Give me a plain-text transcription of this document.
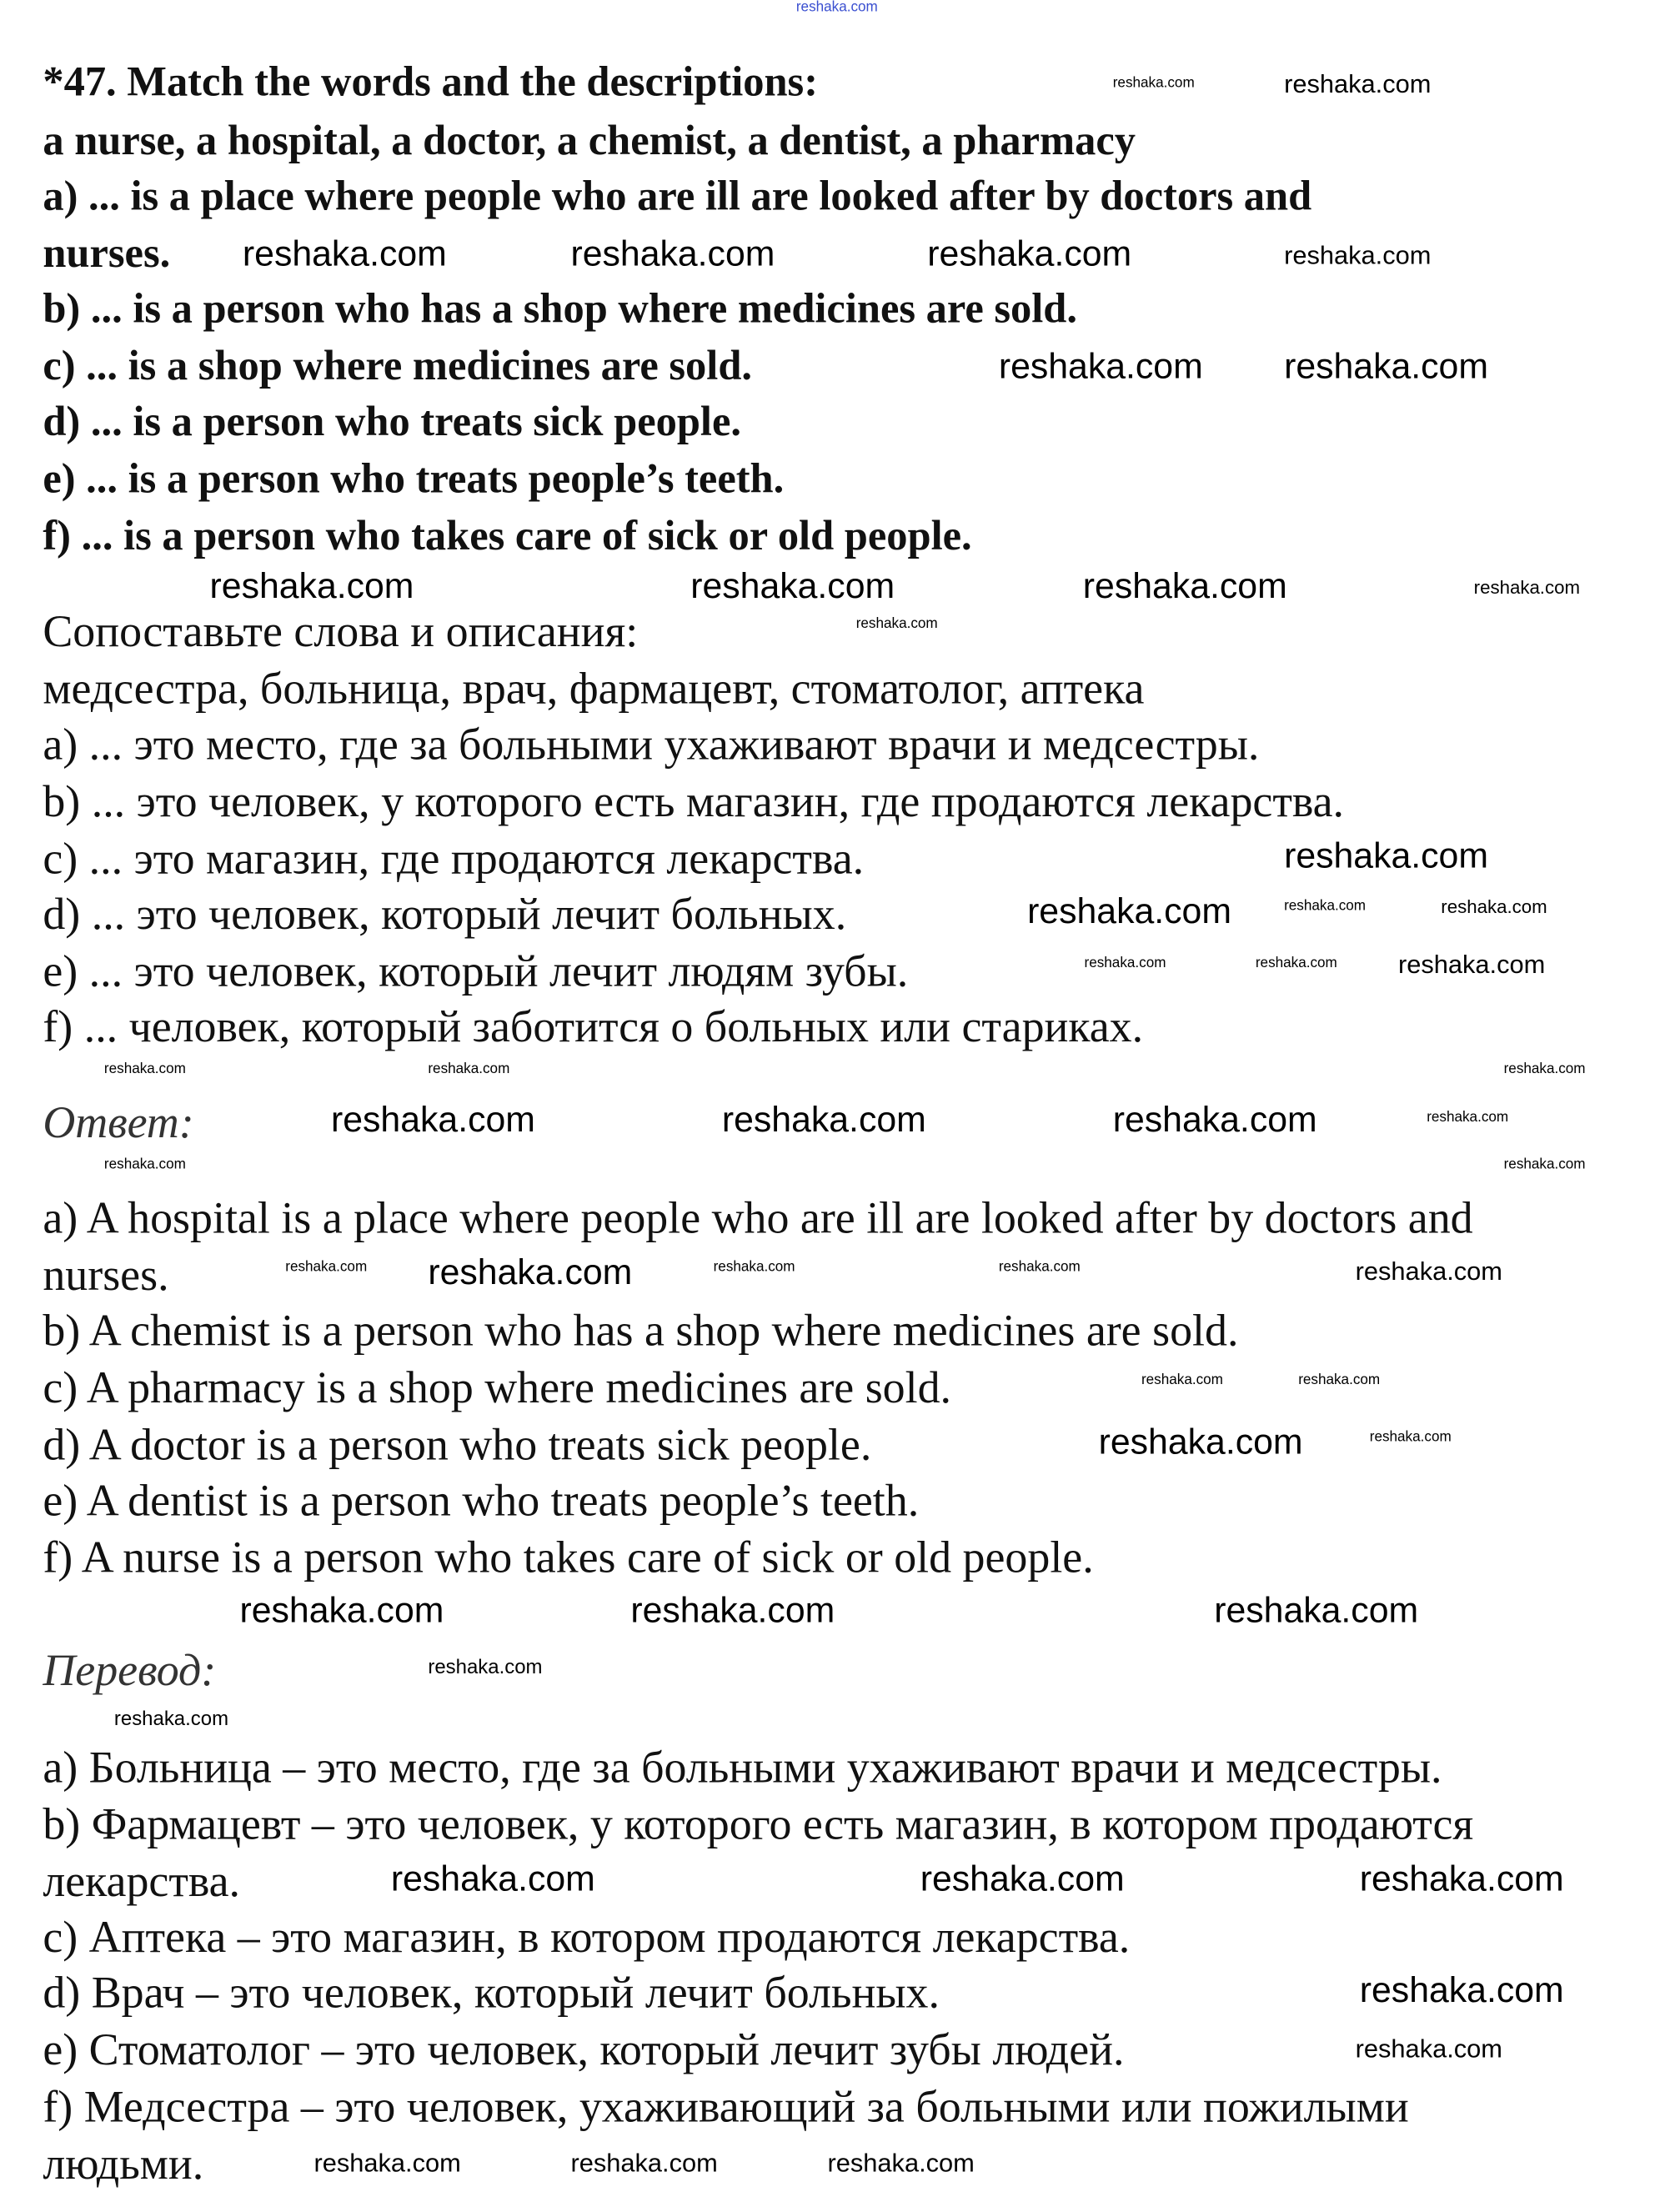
*47. Match the words and the descriptions:
a nurse, a hospital, a doctor, a chemist, a dentist, a pharmacy
a) ... is a place where people who are ill are looked after by doctors and
nurses.
b) ... is a person who has a shop where medicines are sold.
c) ... is a shop where medicines are sold.
d) ... is a person who treats sick people.
e) ... is a person who treats people’s teeth.
f) ... is a person who takes care of sick or old people.
Сопоставьте слова и описания:
медсестра, больница, врач, фармацевт, стоматолог, аптека
a) ... это место, где за больными ухаживают врачи и медсестры.
b) ... это человек, у которого есть магазин, где продаются лекарства.
c) ... это магазин, где продаются лекарства.
d) ... это человек, который лечит больных.
e) ... это человек, который лечит людям зубы.
f) ... человек, который заботится о больных или стариках.
Ответ:
a) A hospital is a place where people who are ill are looked after by doctors and
nurses.
b) A chemist is a person who has a shop where medicines are sold.
c) A pharmacy is a shop where medicines are sold.
d) A doctor is a person who treats sick people.
e) A dentist is a person who treats people’s teeth.
f) A nurse is a person who takes care of sick or old people.
Перевод:
a) Больница – это место, где за больными ухаживают врачи и медсестры.
b) Фармацевт – это человек, у которого есть магазин, в котором продаются
лекарства.
c) Аптека – это магазин, в котором продаются лекарства.
d) Врач – это человек, который лечит больных.
e) Стоматолог – это человек, который лечит зубы людей.
f) Медсестра – это человек, ухаживающий за больными или пожилыми
людьми.
reshaka.com
reshaka.com	reshaka.com
reshaka.com	reshaka.com	reshaka.com	reshaka.com
reshaka.com	reshaka.com
reshaka.com	reshaka.com	reshaka.com	reshaka.com
reshaka.com
reshaka.com
reshaka.com	reshaka.com	reshaka.com
reshaka.com	reshaka.com	reshaka.com
reshaka.com	reshaka.com	reshaka.com
reshaka.com	reshaka.com	reshaka.com	reshaka.com
reshaka.com	reshaka.com
reshaka.com	reshaka.com	reshaka.com	reshaka.com	reshaka.com
reshaka.com	reshaka.com
reshaka.com	reshaka.com
reshaka.com	reshaka.com	reshaka.com
reshaka.com
reshaka.com
reshaka.com	reshaka.com	reshaka.com
reshaka.com
reshaka.com
reshaka.com	reshaka.com	reshaka.com
